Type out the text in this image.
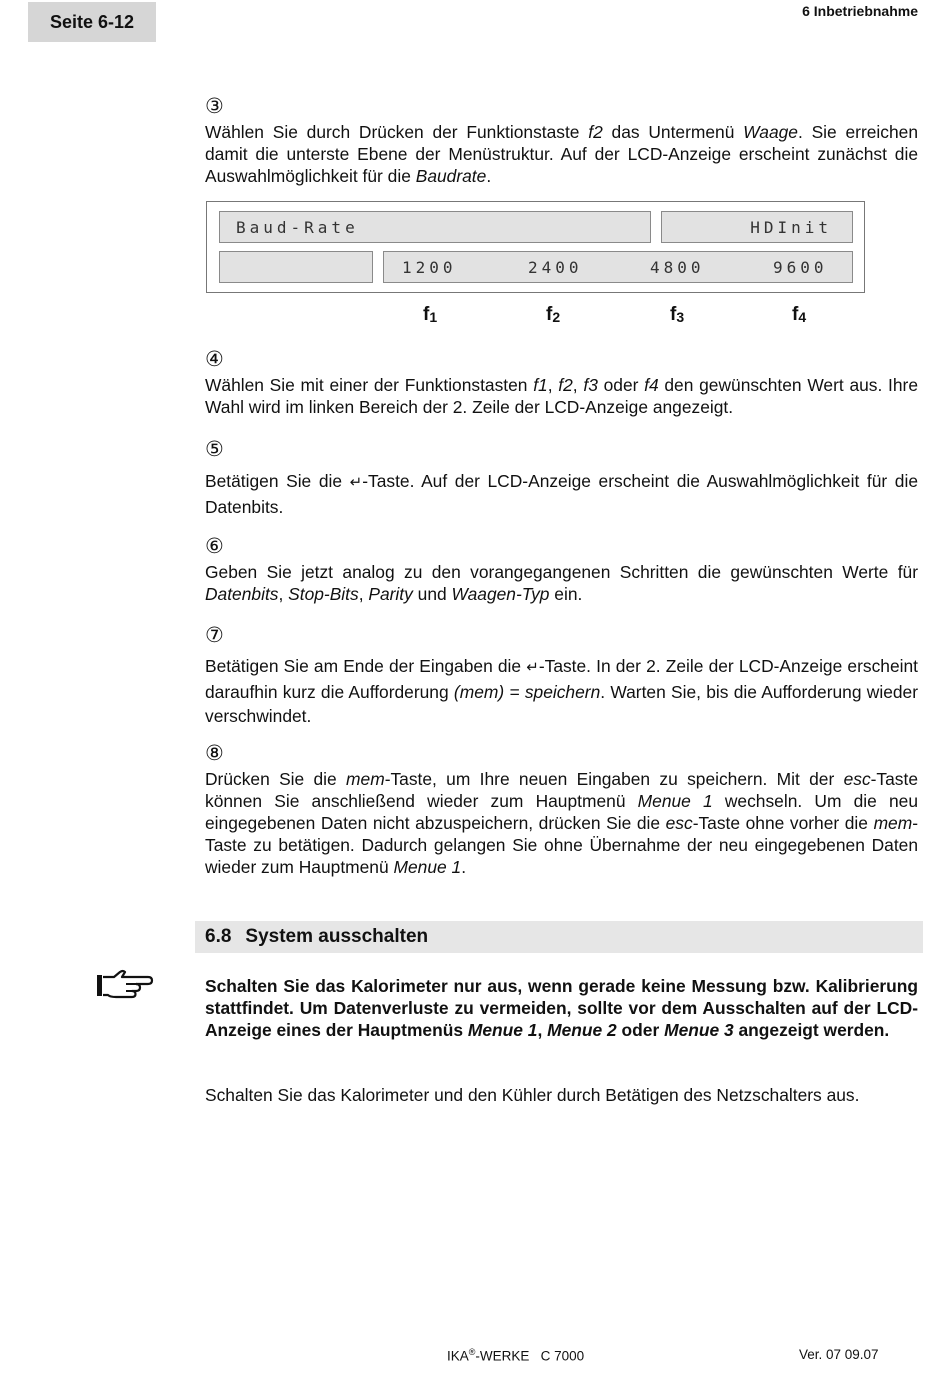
Seite 6-12
6 Inbetriebnahme
③
Wählen Sie durch Drücken der Funktionstaste f2 das Untermenü Waage. Sie erreichen damit die unterste Ebene der Menüstruktur. Auf der LCD-Anzeige erscheint zunächst die Auswahlmöglichkeit für die Baudrate.
Baud-Rate	HDInit
1200	2400	4800	9600
$f_1$	$f_2$	$f_3$	$f_4$
④
Wählen Sie mit einer der Funktionstasten f1, f2, f3 oder f4 den gewünschten Wert aus. Ihre Wahl wird im linken Bereich der 2. Zeile der LCD-Anzeige angezeigt.
⑤
Betätigen Sie die ↵-Taste. Auf der LCD-Anzeige erscheint die Auswahlmöglichkeit für die Datenbits.
⑥
Geben Sie jetzt analog zu den vorangegangenen Schritten die gewünschten Werte für Datenbits, Stop-Bits, Parity und Waagen-Typ ein.
⑦
Betätigen Sie am Ende der Eingaben die ↵-Taste. In der 2. Zeile der LCD-Anzeige erscheint daraufhin kurz die Aufforderung (mem) = speichern. Warten Sie, bis die Aufforderung wieder verschwindet.
⑧
Drücken Sie die mem-Taste, um Ihre neuen Eingaben zu speichern. Mit der esc-Taste können Sie anschließend wieder zum Hauptmenü Menue 1 wechseln. Um die neu eingegebenen Daten nicht abzuspeichern, drücken Sie die esc-Taste ohne vorher die mem-Taste zu betätigen. Dadurch gelangen Sie ohne Übernahme der neu eingegebenen Daten wieder zum Hauptmenü Menue 1.
6.8 System ausschalten
Schalten Sie das Kalorimeter nur aus, wenn gerade keine Messung bzw. Kalibrierung stattfindet. Um Datenverluste zu vermeiden, sollte vor dem Ausschalten auf der LCD-Anzeige eines der Hauptmenüs Menue 1, Menue 2 oder Menue 3 angezeigt werden.
Schalten Sie das Kalorimeter und den Kühler durch Betätigen des Netzschalters aus.
IKA®-WERKE   C 7000	Ver. 07 09.07
